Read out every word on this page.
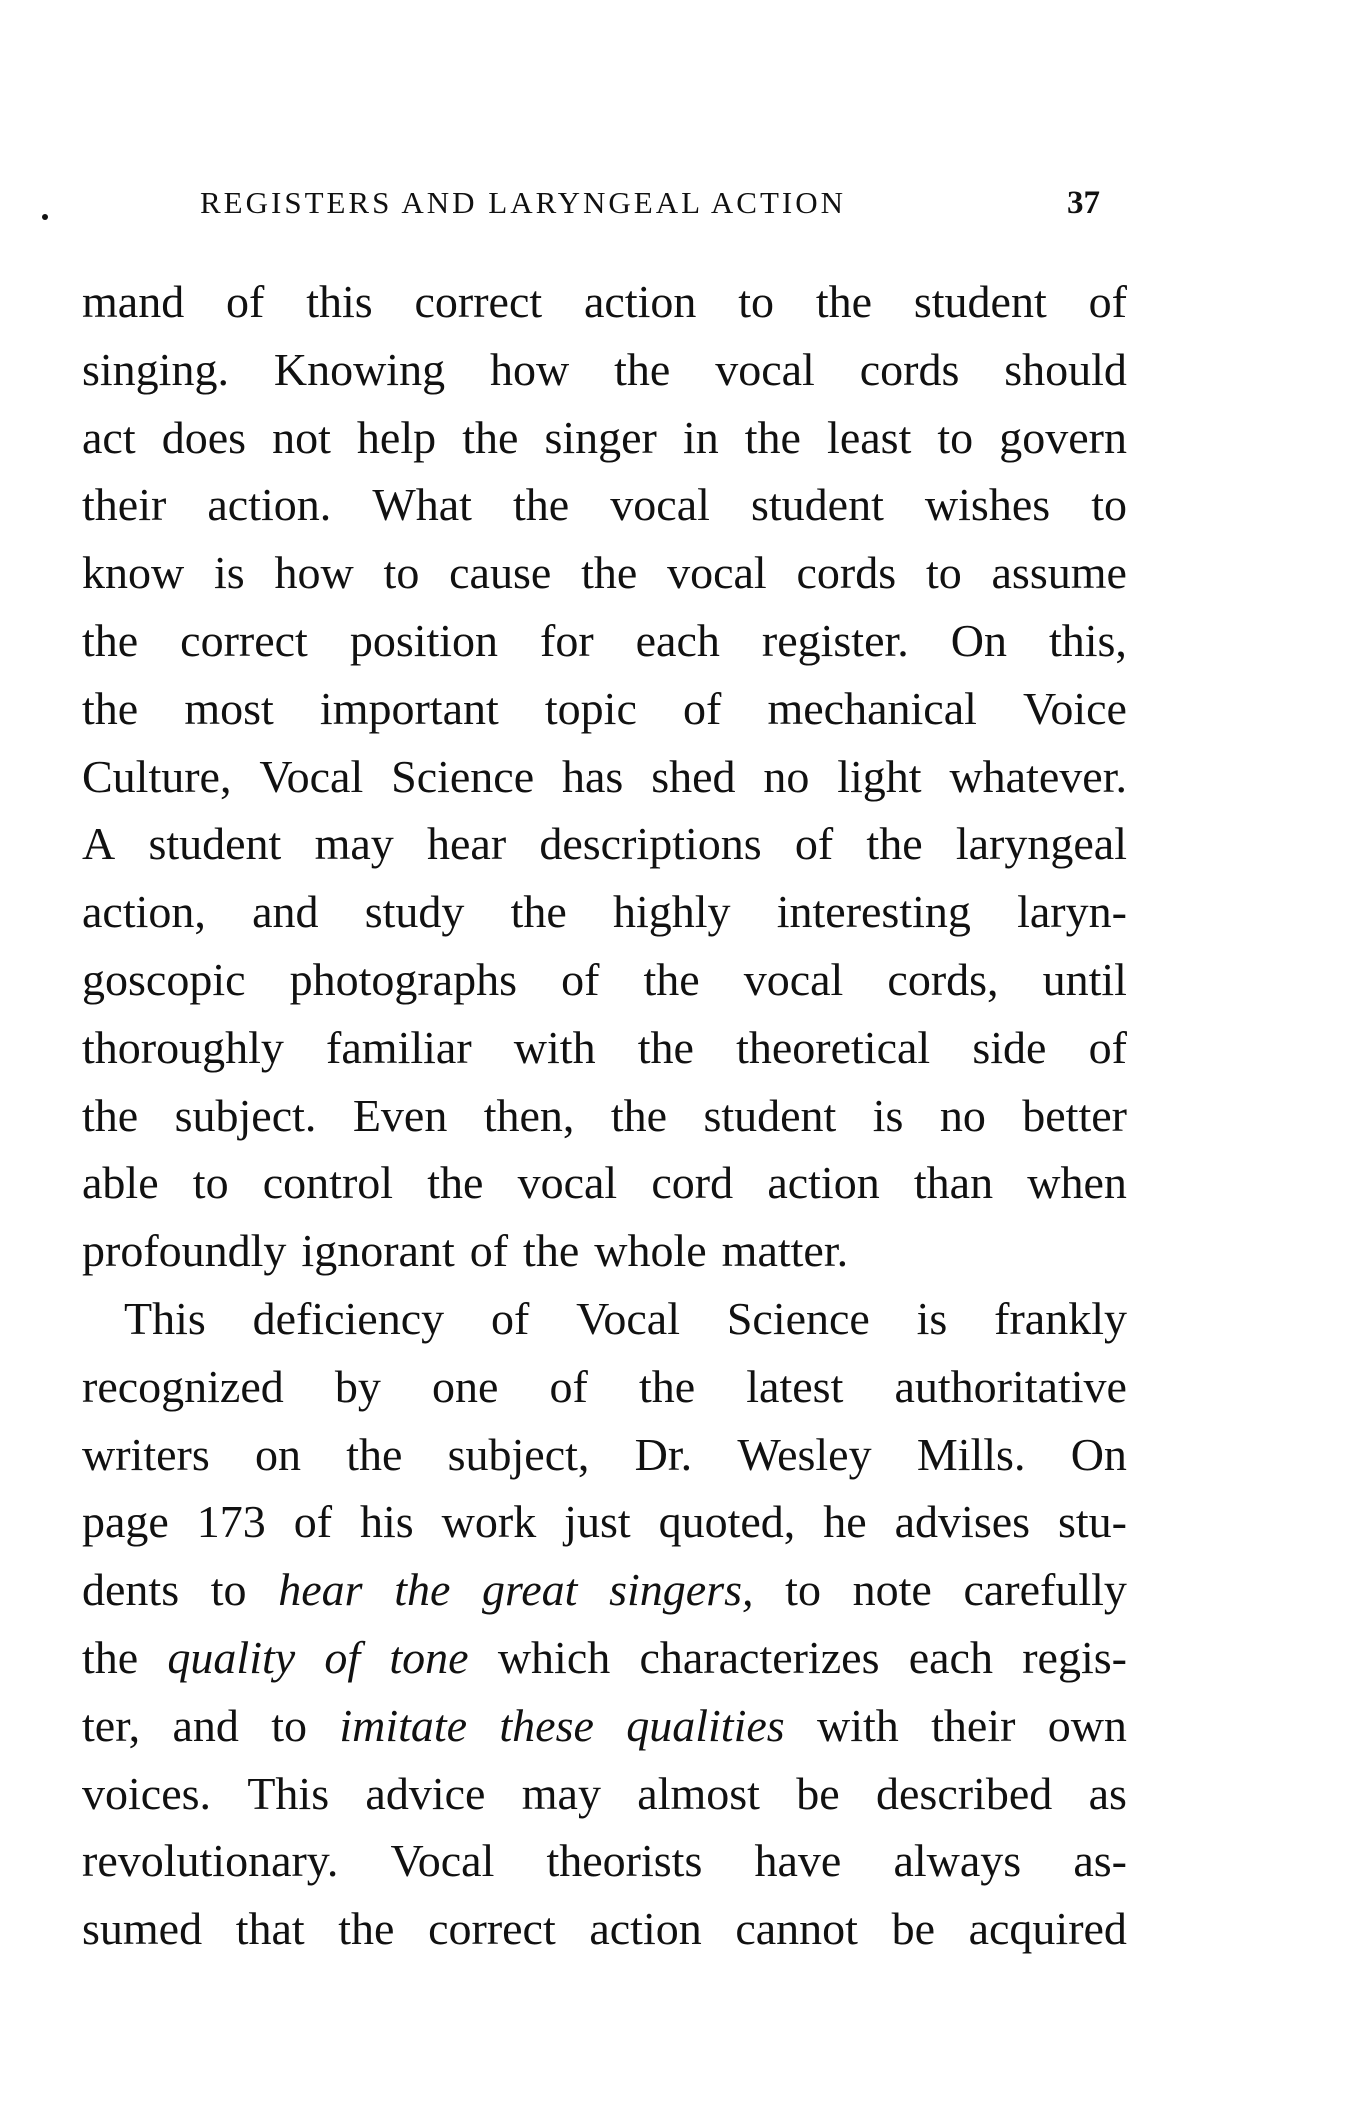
REGISTERS AND LARYNGEAL ACTION	37
mand of this correct action to the student of
singing. Knowing how the vocal cords should
act does not help the singer in the least to govern
their action. What the vocal student wishes to
know is how to cause the vocal cords to assume
the correct position for each register. On this,
the most important topic of mechanical Voice
Culture, Vocal Science has shed no light whatever.
A student may hear descriptions of the laryngeal
action, and study the highly interesting laryn-
goscopic photographs of the vocal cords, until
thoroughly familiar with the theoretical side of
the subject. Even then, the student is no better
able to control the vocal cord action than when
profoundly ignorant of the whole matter.
This deficiency of Vocal Science is frankly
recognized by one of the latest authoritative
writers on the subject, Dr. Wesley Mills. On
page 173 of his work just quoted, he advises stu-
dents to hear the great singers, to note carefully
the quality of tone which characterizes each regis-
ter, and to imitate these qualities with their own
voices. This advice may almost be described as
revolutionary. Vocal theorists have always as-
sumed that the correct action cannot be acquired
